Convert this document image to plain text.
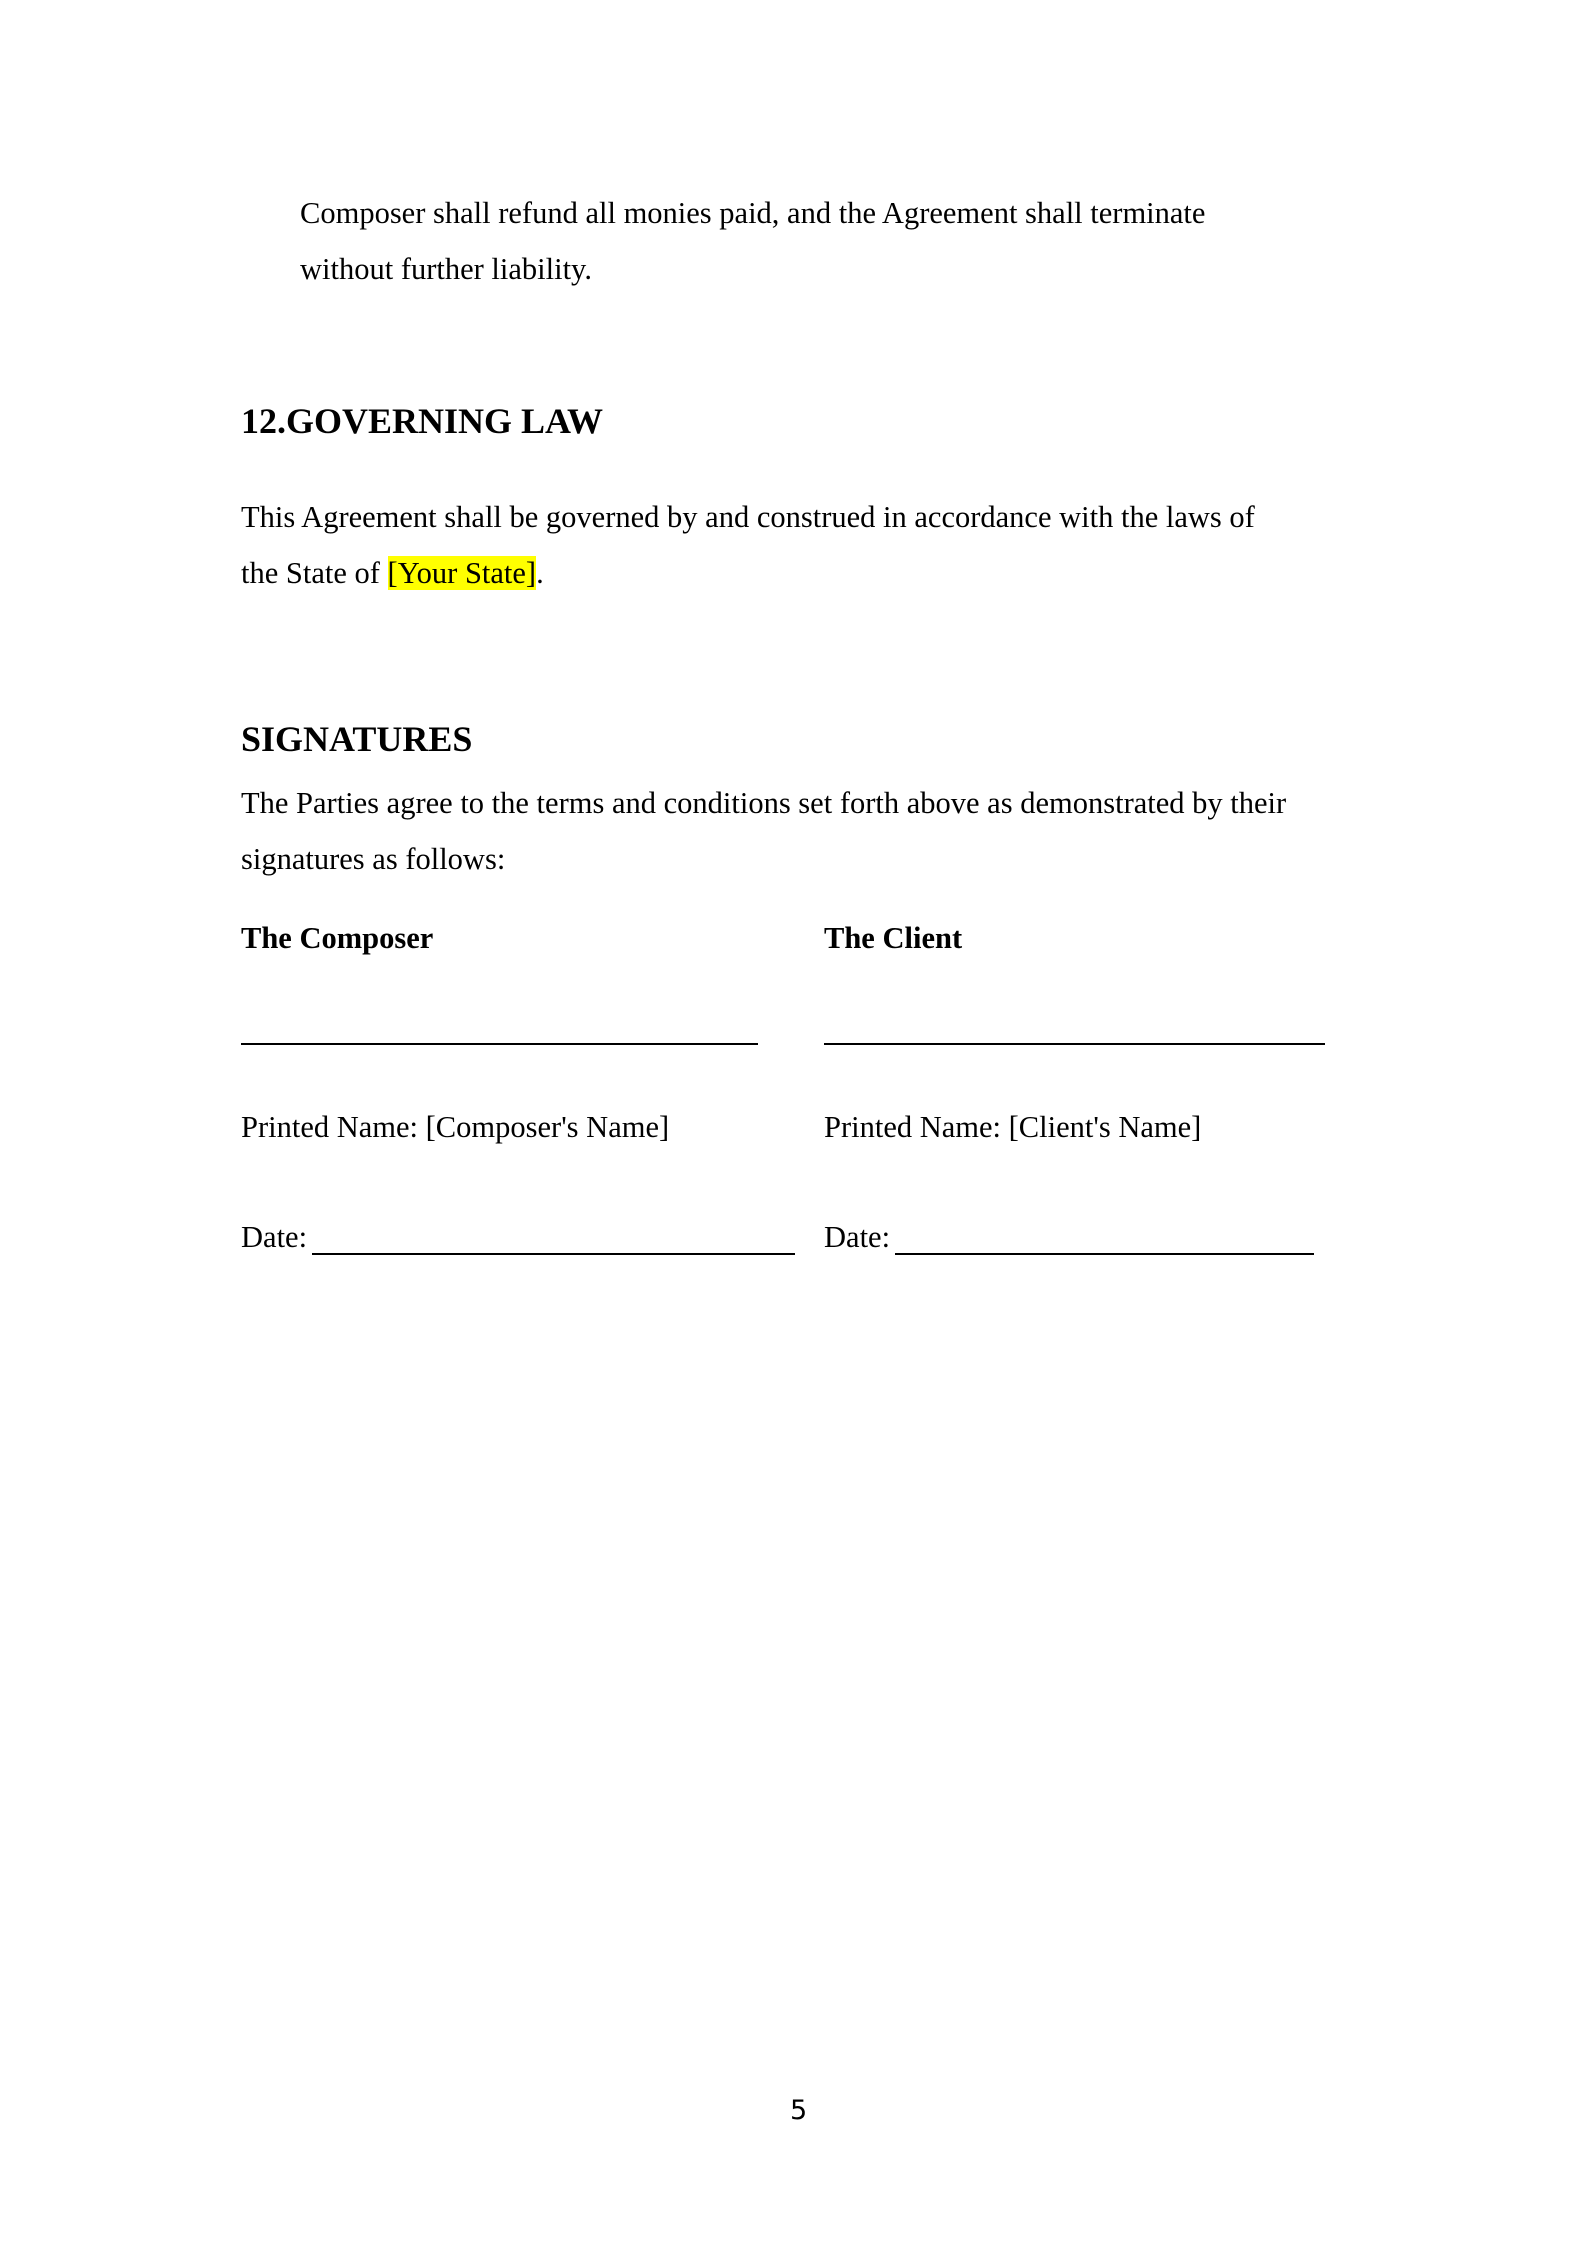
Composer shall refund all monies paid, and the Agreement shall terminate
without further liability.
12.GOVERNING LAW
This Agreement shall be governed by and construed in accordance with the laws of
the State of [Your State].
SIGNATURES
The Parties agree to the terms and conditions set forth above as demonstrated by their
signatures as follows:
The Composer
Printed Name: [Composer's Name]
Date:
The Client
Printed Name: [Client's Name]
Date:
5
